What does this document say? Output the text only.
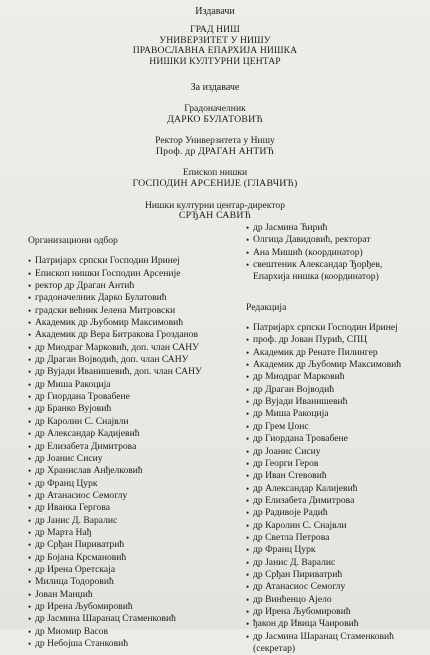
Издавачи
ГРАД НИШ
УНИВЕРЗИТЕТ У НИШУ
ПРАВОСЛАВНА ЕПАРХИЈА НИШКА
НИШКИ КУЛТУРНИ ЦЕНТАР
За издаваче
Градоначелник
ДАРКО БУЛАТОВИЋ
Ректор Универзитета у Нишу
Проф. др ДРАГАН АНТИЋ
Епископ нишки
ГОСПОДИН АРСЕНИЈЕ (ГЛАВЧИЋ)
Нишки културни центар-директор
СРЂАН САВИЋ
Организациони одбор
• Патријарх српски Господин Иринеј
• Епископ нишки Господин Арсеније
• ректор др Драган Антић
• градоначелник Дарко Булатовић
• градски већник Јелена Митровски
• Академик др Љубомир Максимовић
• Академик др Вера Битракова Грозданов
• др Миодраг Марковић, доп. члан САНУ
• др Драган Војводић, доп. члан САНУ
• др Вујади Иванишевић, доп. члан САНУ
• др Миша Ракоција
• др Гиорданa Тровабене
• др Бранко Вујовић
• др Каролин С. Снајвли
• др Александар Кадијевић
• др Елизабета Димитрова
• др Јоанис Сисиу
• др Хранислав Анђелковић
• др Франц Цурк
• др Атанасиос Семоглу
• др Иванка Гергова
• др Јанис Д. Варалис
• др Марта Нађ
• др Срђан Пириватрић
• др Бојана Крсмановић
• др Ирена Оретскаја
• Милица Тодоровић
• Јован Манџић
• др Ирена Љубомировић
• др Јасмина Шаранац Стаменковић
• др Миомир Васов
• др Небојша Станковић
• др Јасмина Ћирић
• Олгица Давидовић, ректорат
• Ана Мишић (координатор)
• свештеник Александар Ђорђев,
Епархија нишка (координатор)
Редакција
• Патријарх српски Господин Иринеј
• проф. др Јован Пурић, СПЦ
• Академик др Ренате Пилингер
• Академик др Љубомир Максимовић
• др Миодраг Марковић
• др Драган Војводић
• др Вујади Иванишевић
• др Миша Ракоција
• др Грем Џонс
• др Гиорданa Тровабене
• др Јоанис Сисиу
• др Георги Геров
• др Иван Стевовић
• др Александар Калијевић
• др Елизабета Димитрова
• др Радивоје Радић
• др Каролин С. Снајвли
• др Светла Петрова
• др Франц Цурк
• др Јанис Д. Варалис
• др Срђан Пириватрић
• др Атанасиос Семоглу
• др Винћенцо Ајело
• др Ирена Љубомировић
• ђакон др Ивица Чаировић
• др Јасмина Шаранац Стаменковић
(секретар)
